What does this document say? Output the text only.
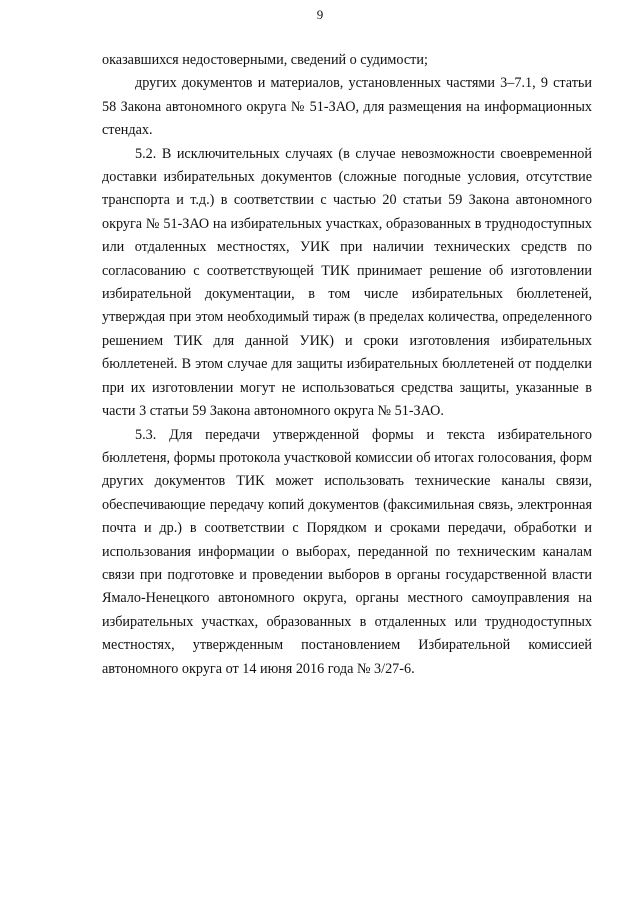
9

оказавшихся недостоверными, сведений о судимости;

других документов и материалов, установленных частями 3–7.1, 9 статьи 58 Закона автономного округа № 51-ЗАО, для размещения на информационных стендах.

5.2. В исключительных случаях (в случае невозможности своевременной доставки избирательных документов (сложные погодные условия, отсутствие транспорта и т.д.) в соответствии с частью 20 статьи 59 Закона автономного округа № 51-ЗАО на избирательных участках, образованных в труднодоступных или отдаленных местностях, УИК при наличии технических средств по согласованию с соответствующей ТИК принимает решение об изготовлении избирательной документации, в том числе избирательных бюллетеней, утверждая при этом необходимый тираж (в пределах количества, определенного решением ТИК для данной УИК) и сроки изготовления избирательных бюллетеней. В этом случае для защиты избирательных бюллетеней от подделки при их изготовлении могут не использоваться средства защиты, указанные в части 3 статьи 59 Закона автономного округа № 51-ЗАО.

5.3. Для передачи утвержденной формы и текста избирательного бюллетеня, формы протокола участковой комиссии об итогах голосования, форм других документов ТИК может использовать технические каналы связи, обеспечивающие передачу копий документов (факсимильная связь, электронная почта и др.) в соответствии с Порядком и сроками передачи, обработки и использования информации о выборах, переданной по техническим каналам связи при подготовке и проведении выборов в органы государственной власти Ямало-Ненецкого автономного округа, органы местного самоуправления на избирательных участках, образованных в отдаленных или труднодоступных местностях, утвержденным постановлением Избирательной комиссией автономного округа от 14 июня 2016 года № 3/27-6.
